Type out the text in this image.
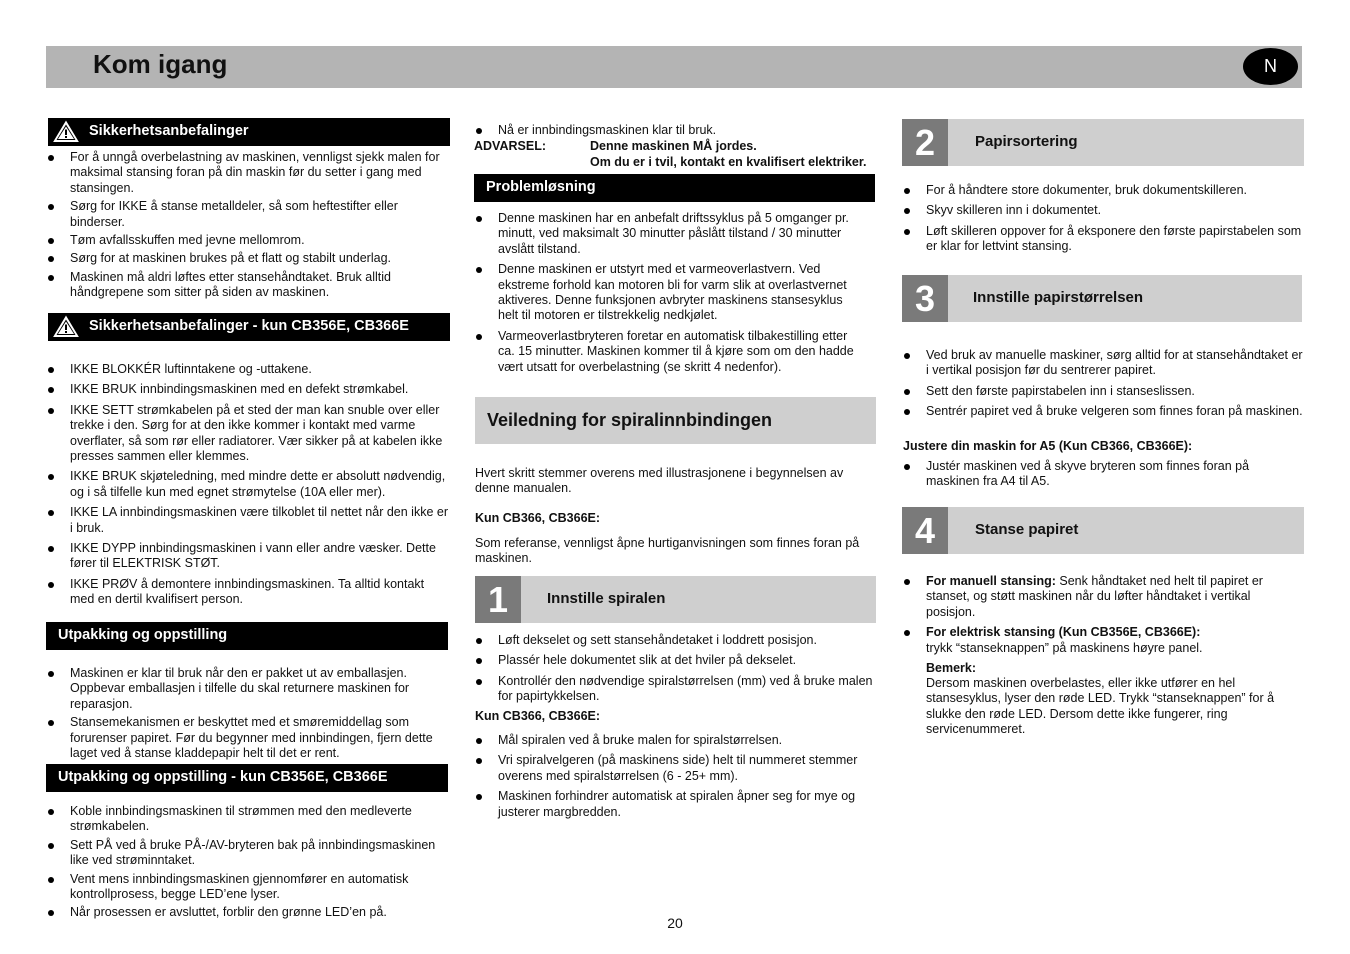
Kom igang	N
Sikkerhetsanbefalinger
For å unngå overbelastning av maskinen, vennligst sjekk malen for maksimal stansing foran på din maskin før du setter i gang med stansingen.
Sørg for IKKE å stanse metalldeler, så som heftestifter eller binderser.
Tøm avfallsskuffen med jevne mellomrom.
Sørg for at maskinen brukes på et flatt og stabilt underlag.
Maskinen må aldri løftes etter stansehåndtaket. Bruk alltid håndgrepene som sitter på siden av maskinen.
Sikkerhetsanbefalinger - kun CB356E, CB366E
IKKE BLOKKÉR luftinntakene og -uttakene.
IKKE BRUK innbindingsmaskinen med en defekt strømkabel.
IKKE SETT strømkabelen på et sted der man kan snuble over eller trekke i den. Sørg for at den ikke kommer i kontakt med varme overflater, så som rør eller radiatorer. Vær sikker på at kabelen ikke presses sammen eller klemmes.
IKKE BRUK skjøteledning, med mindre dette er absolutt nødvendig, og i så tilfelle kun med egnet strømytelse (10A eller mer).
IKKE LA innbindingsmaskinen være tilkoblet til nettet når den ikke er i bruk.
IKKE DYPP innbindingsmaskinen i vann eller andre væsker. Dette fører til ELEKTRISK STØT.
IKKE PRØV å demontere innbindingsmaskinen. Ta alltid kontakt med en dertil kvalifisert person.
Utpakking og oppstilling
Maskinen er klar til bruk når den er pakket ut av emballasjen. Oppbevar emballasjen i tilfelle du skal returnere maskinen for reparasjon.
Stansemekanismen er beskyttet med et smøremiddellag som forurenser papiret. Før du begynner med innbindingen, fjern dette laget ved å stanse kladdepapir helt til det er rent.
Utpakking og oppstilling - kun CB356E, CB366E
Koble innbindingsmaskinen til strømmen med den medleverte strømkabelen.
Sett PÅ ved å bruke PÅ-/AV-bryteren bak på innbindingsmaskinen like ved strøminntaket.
Vent mens innbindingsmaskinen gjennomfører en automatisk kontrollprosess, begge LED’ene lyser.
Når prosessen er avsluttet, forblir den grønne LED’en på.
Nå er innbindingsmaskinen klar til bruk.
ADVARSEL:	Denne maskinen MÅ jordes.
Om du er i tvil, kontakt en kvalifisert elektriker.
Problemløsning
Denne maskinen har en anbefalt driftssyklus på 5 omganger pr. minutt, ved maksimalt 30 minutter påslått tilstand / 30 minutter avslått tilstand.
Denne maskinen er utstyrt med et varmeoverlastvern. Ved ekstreme forhold kan motoren bli for varm slik at overlastvernet aktiveres. Denne funksjonen avbryter maskinens stansesyklus helt til motoren er tilstrekkelig nedkjølet.
Varmeoverlastbryteren foretar en automatisk tilbakestilling etter ca. 15 minutter. Maskinen kommer til å kjøre som om den hadde vært utsatt for overbelastning (se skritt 4 nedenfor).
Veiledning for spiralinnbindingen
Hvert skritt stemmer overens med illustrasjonene i begynnelsen av denne manualen.
Kun CB366, CB366E:
Som referanse, vennligst åpne hurtiganvisningen som finnes foran på maskinen.
1	Innstille spiralen
Løft dekselet og sett stansehåndetaket i loddrett posisjon.
Plassér hele dokumentet slik at det hviler på dekselet.
Kontrollér den nødvendige spiralstørrelsen (mm) ved å bruke malen for papirtykkelsen.
Kun CB366, CB366E:
Mål spiralen ved å bruke malen for spiralstørrelsen.
Vri spiralvelgeren (på maskinens side) helt til nummeret stemmer overens med spiralstørrelsen (6 - 25+ mm).
Maskinen forhindrer automatisk at spiralen åpner seg for mye og justerer margbredden.
2	Papirsortering
For å håndtere store dokumenter, bruk dokumentskilleren.
Skyv skilleren inn i dokumentet.
Løft skilleren oppover for å eksponere den første papirstabelen som er klar for lettvint stansing.
3	Innstille papirstørrelsen
Ved bruk av manuelle maskiner, sørg alltid for at stansehåndtaket er i vertikal posisjon før du sentrerer papiret.
Sett den første papirstabelen inn i stanseslissen.
Sentrér papiret ved å bruke velgeren som finnes foran på maskinen.
Justere din maskin for A5 (Kun CB366, CB366E):
Justér maskinen ved å skyve bryteren som finnes foran på maskinen fra A4 til A5.
4	Stanse papiret
For manuell stansing: Senk håndtaket ned helt til papiret er stanset, og støtt maskinen når du løfter håndtaket i vertikal posisjon.
For elektrisk stansing (Kun CB356E, CB366E):
trykk “stanseknappen” på maskinens høyre panel.
Bemerk:
Dersom maskinen overbelastes, eller ikke utfører en hel stansesyklus, lyser den røde LED. Trykk “stanseknappen” for å slukke den røde LED. Dersom dette ikke fungerer, ring servicenummeret.
20
